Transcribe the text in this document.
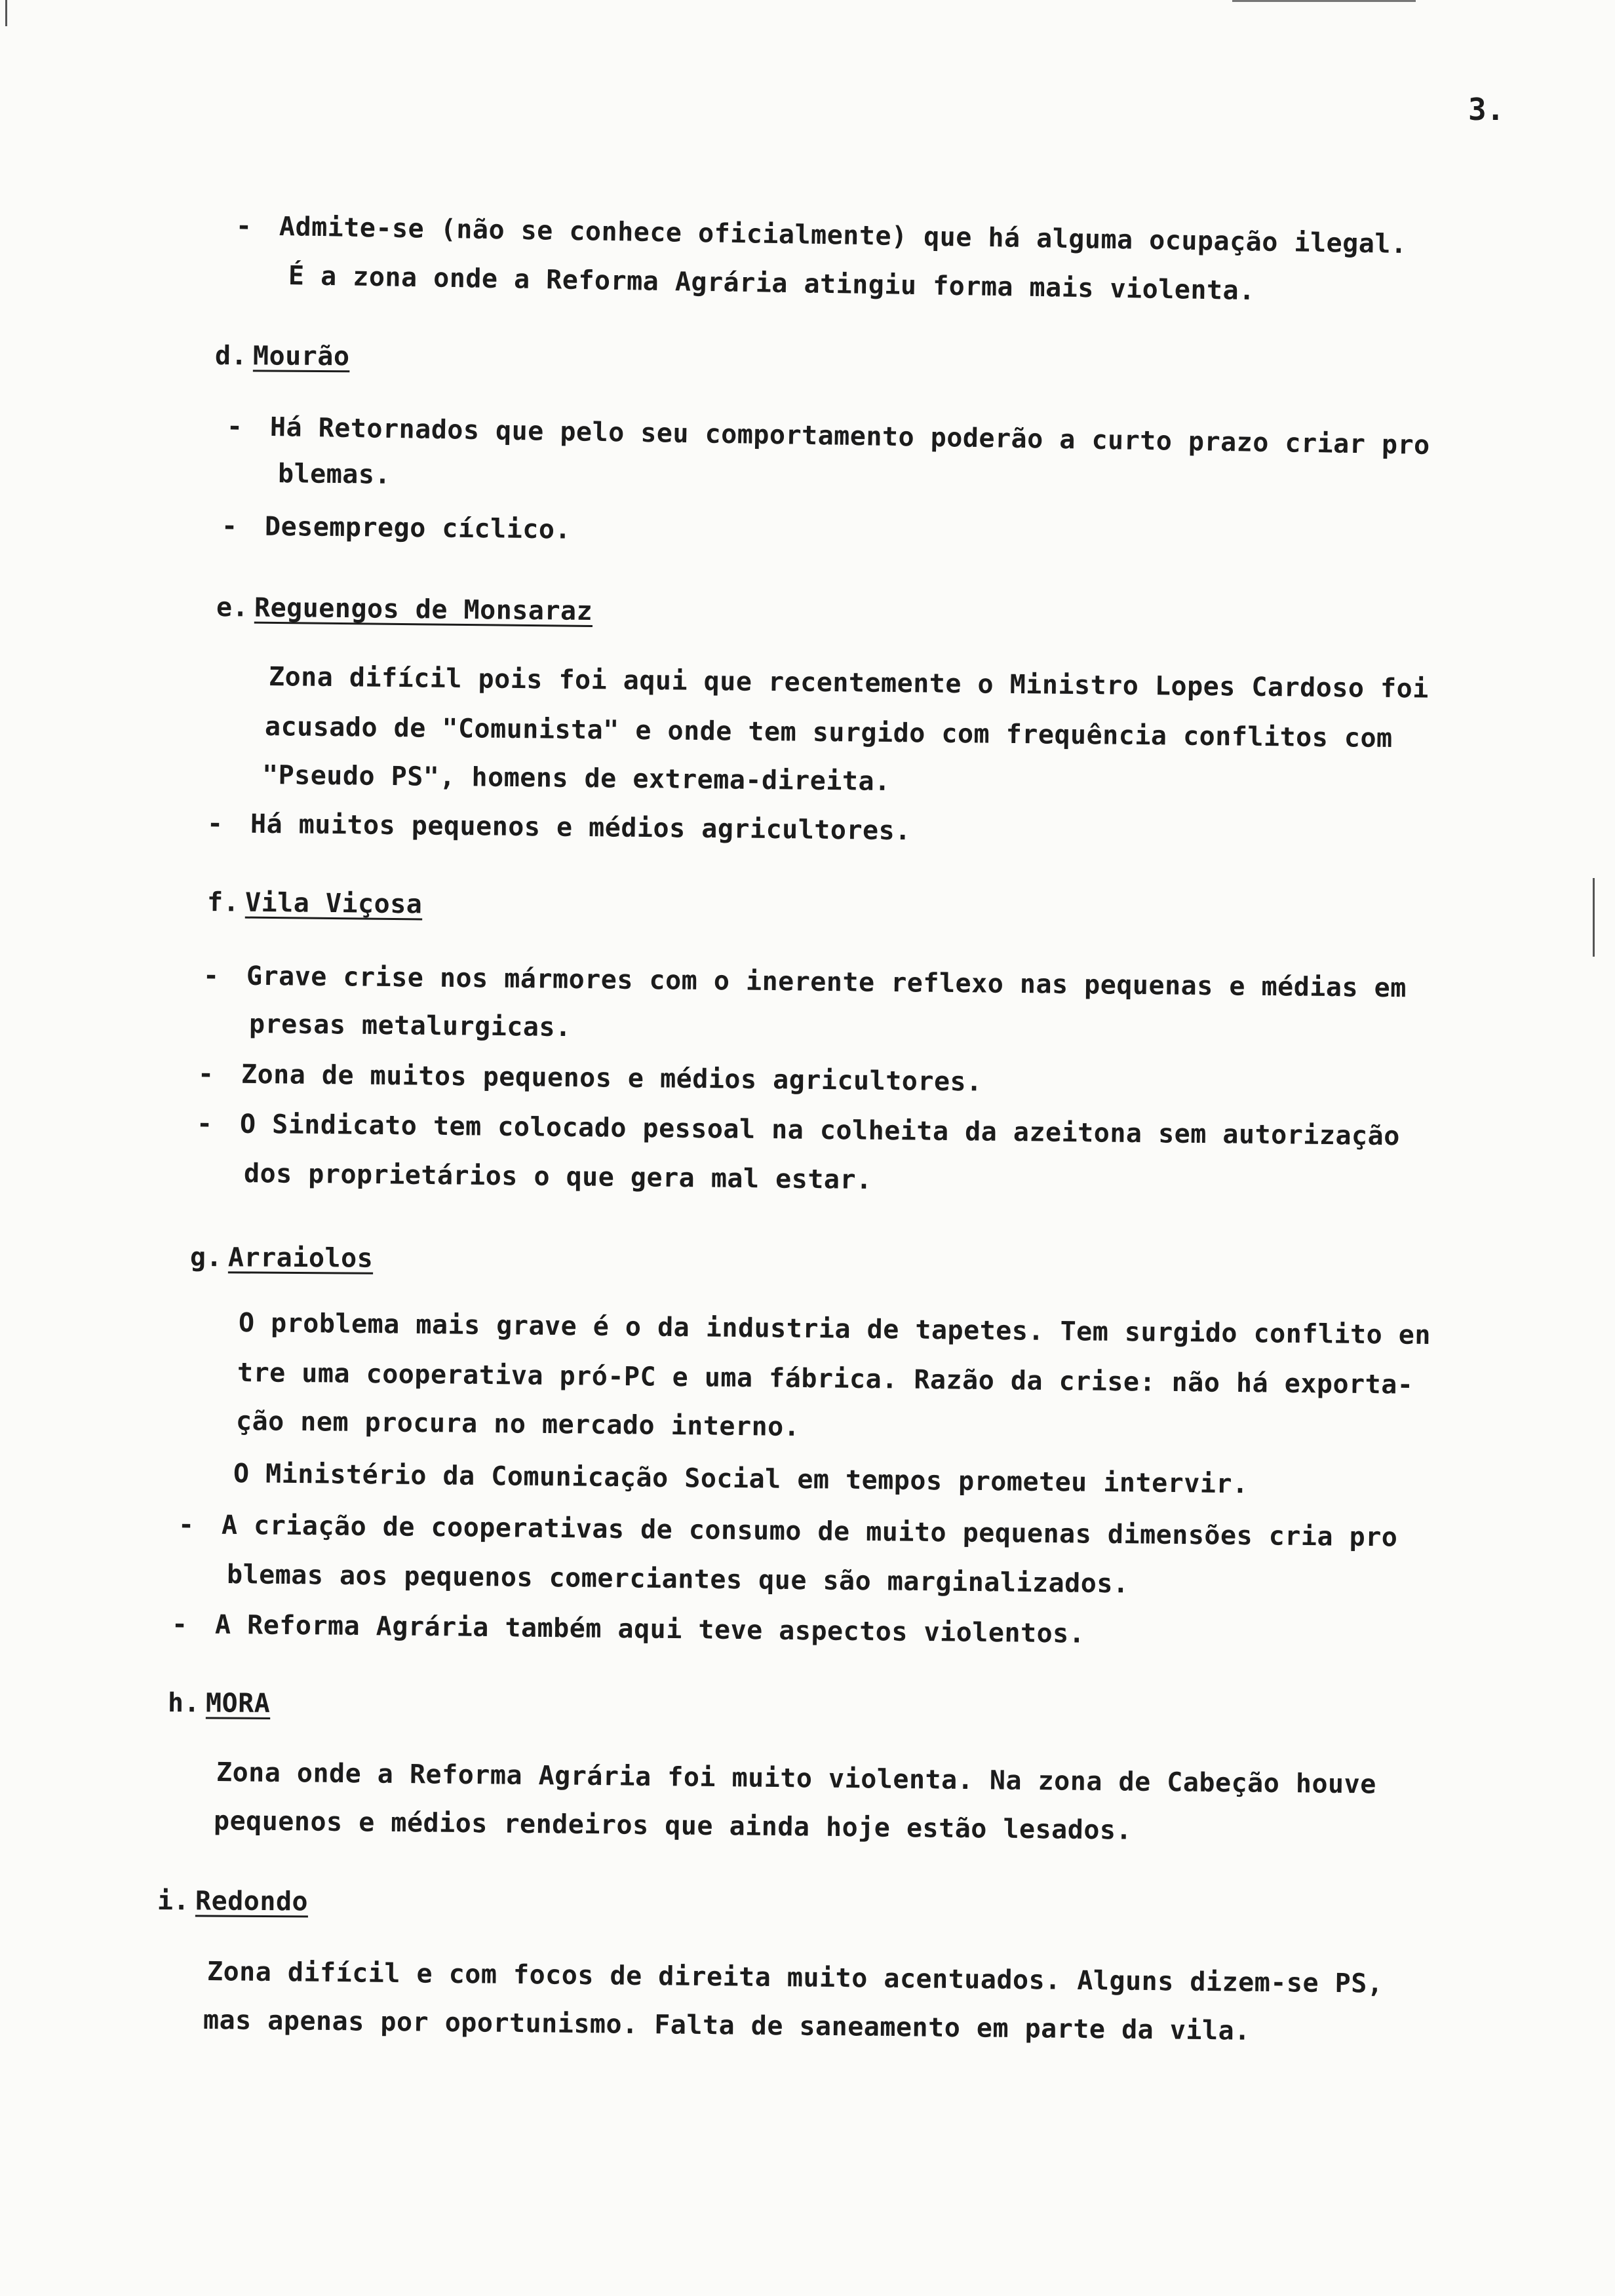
3.
- Admite-se (não se conhece oficialmente) que há alguma ocupação ilegal.
É a zona onde a Reforma Agrária atingiu forma mais violenta.
d. Mourão
- Há Retornados que pelo seu comportamento poderão a curto prazo criar pro
blemas.
- Desemprego cíclico.
e. Reguengos de Monsaraz
Zona difícil pois foi aqui que recentemente o Ministro Lopes Cardoso foi
acusado de "Comunista" e onde tem surgido com frequência conflitos com
"Pseudo PS", homens de extrema-direita.
- Há muitos pequenos e médios agricultores.
f. Vila Viçosa
- Grave crise nos mármores com o inerente reflexo nas pequenas e médias em
presas metalurgicas.
- Zona de muitos pequenos e médios agricultores.
- O Sindicato tem colocado pessoal na colheita da azeitona sem autorização
dos proprietários o que gera mal estar.
g. Arraiolos
O problema mais grave é o da industria de tapetes. Tem surgido conflito en
tre uma cooperativa pró-PC e uma fábrica. Razão da crise: não há exporta-
ção nem procura no mercado interno.
O Ministério da Comunicação Social em tempos prometeu intervir.
- A criação de cooperativas de consumo de muito pequenas dimensões cria pro
blemas aos pequenos comerciantes que são marginalizados.
- A Reforma Agrária também aqui teve aspectos violentos.
h. MORA
Zona onde a Reforma Agrária foi muito violenta. Na zona de Cabeção houve
pequenos e médios rendeiros que ainda hoje estão lesados.
i. Redondo
Zona difícil e com focos de direita muito acentuados. Alguns dizem-se PS,
mas apenas por oportunismo. Falta de saneamento em parte da vila.
